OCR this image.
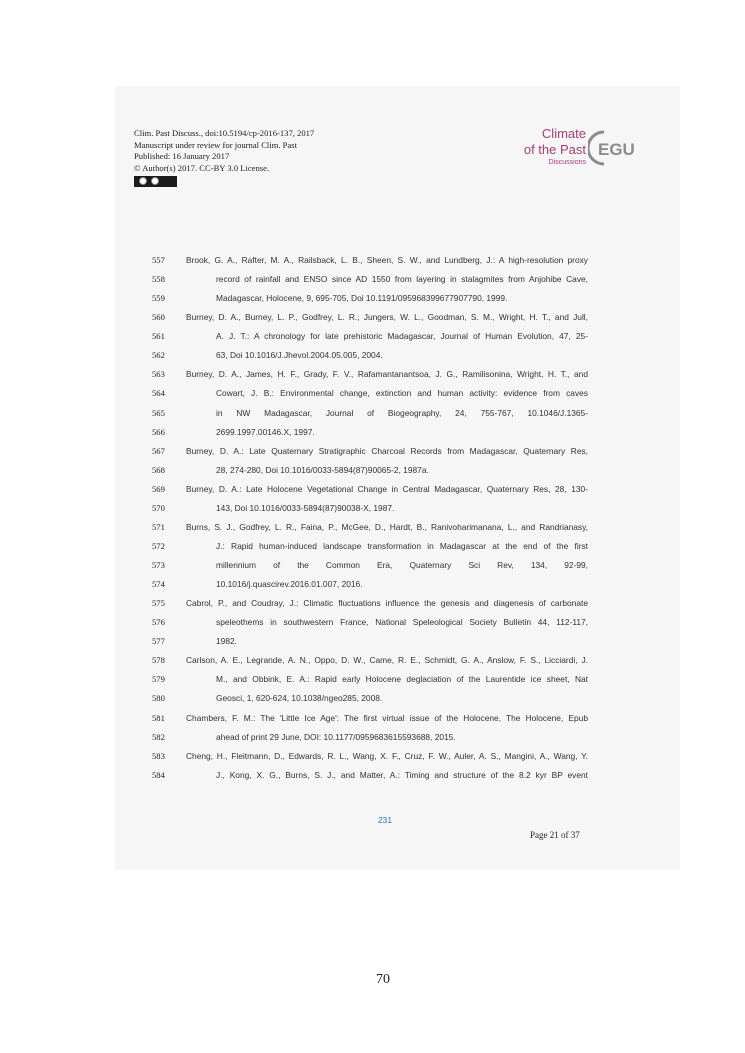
Clim. Past Discuss., doi:10.5194/cp-2016-137, 2017
Manuscript under review for journal Clim. Past
Published: 16 January 2017
© Author(s) 2017. CC-BY 3.0 License.
Climate
of the Past
Discussions
EGU
557	Brook, G. A., Rafter, M. A., Railsback, L. B., Sheen, S. W., and Lundberg, J.: A high-resolution proxy
558	record of rainfall and ENSO since AD 1550 from layering in stalagmites from Anjohibe Cave,
559	Madagascar, Holocene, 9, 695-705, Doi 10.1191/095968399677907790, 1999.
560	Burney, D. A., Burney, L. P., Godfrey, L. R., Jungers, W. L., Goodman, S. M., Wright, H. T., and Jull,
561	A. J. T.: A chronology for late prehistoric Madagascar, Journal of Human Evolution, 47, 25-
562	63, Doi 10.1016/J.Jhevol.2004.05.005, 2004.
563	Burney, D. A., James, H. F., Grady, F. V., Rafamantanantsoa, J. G., Ramilisonina, Wright, H. T., and
564	Cowart, J. B.: Environmental change, extinction and human activity: evidence from caves
565	in NW Madagascar, Journal of Biogeography, 24, 755-767, 10.1046/J.1365-
566	2699.1997.00146.X, 1997.
567	Burney, D. A.: Late Quaternary Stratigraphic Charcoal Records from Madagascar, Quaternary Res,
568	28, 274-280, Doi 10.1016/0033-5894(87)90065-2, 1987a.
569	Burney, D. A.: Late Holocene Vegetational Change in Central Madagascar, Quaternary Res, 28, 130-
570	143, Doi 10.1016/0033-5894(87)90038-X, 1987.
571	Burns, S. J., Godfrey, L. R., Faina, P., McGee, D., Hardt, B., Ranivoharimanana, L., and Randrianasy,
572	J.: Rapid human-induced landscape transformation in Madagascar at the end of the first
573	millennium of the Common Era, Quaternary Sci Rev, 134, 92-99,
574	10.1016/j.quascirev.2016.01.007, 2016.
575	Cabrol, P., and Coudray, J.: Climatic fluctuations influence the genesis and diagenesis of carbonate
576	speleothems in southwestern France, National Speleological Society Bulletin 44, 112-117,
577	1982.
578	Carlson, A. E., Legrande, A. N., Oppo, D. W., Came, R. E., Schmidt, G. A., Anslow, F. S., Licciardi, J.
579	M., and Obbink, E. A.: Rapid early Holocene deglaciation of the Laurentide ice sheet, Nat
580	Geosci, 1, 620-624, 10.1038/ngeo285, 2008.
581	Chambers, F. M.: The 'Little Ice Age': The first virtual issue of the Holocene, The Holocene, Epub
582	ahead of print 29 June, DOI: 10.1177/0959683615593688, 2015.
583	Cheng, H., Fleitmann, D., Edwards, R. L., Wang, X. F., Cruz, F. W., Auler, A. S., Mangini, A., Wang, Y.
584	J., Kong, X. G., Burns, S. J., and Matter, A.: Timing and structure of the 8.2 kyr BP event
231
Page 21 of 37
70
